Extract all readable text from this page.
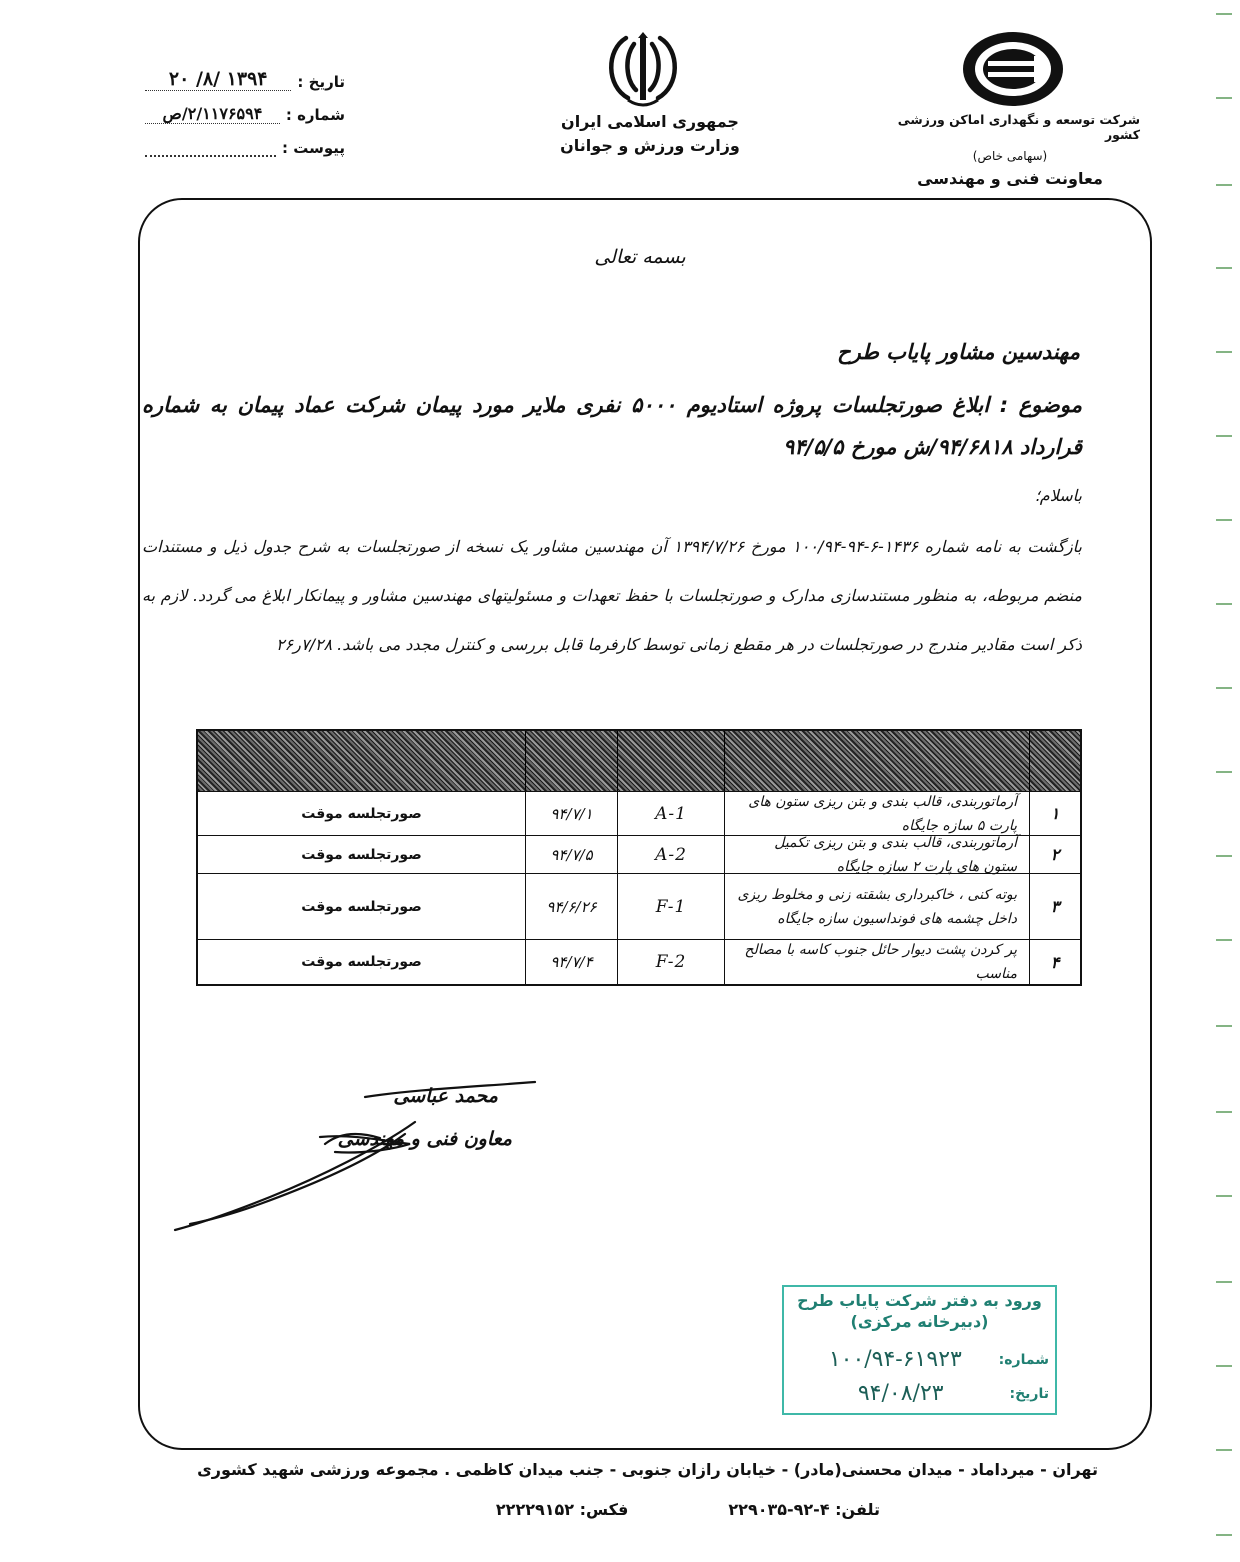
تاریخ :
۱۳۹۴ /۸/ ۲۰
شماره :
۲/۱۱۷۶۵۹۴/ص
پیوست :
جمهوری اسلامی ایران
وزارت ورزش و جوانان
شرکت توسعه و نگهداری اماکن ورزشی کشور
(سهامی خاص)
معاونت فنی و مهندسی
بسمه تعالی
مهندسین مشاور پایاب طرح
موضوع : ابلاغ صورتجلسات پروژه استادیوم ۵۰۰۰ نفری ملایر مورد پیمان شرکت عماد پیمان به شماره قرارداد ۹۴/۶۸۱۸/ش مورخ ۹۴/۵/۵
باسلام؛
بازگشت به نامه شماره ۱۴۳۶-۶-۹۴-۱۰۰/۹۴ مورخ ۱۳۹۴/۷/۲۶ آن مهندسین مشاور یک نسخه از صورتجلسات به شرح جدول ذیل و مستندات منضم مربوطه، به منظور مستندسازی مدارک و صورتجلسات با حفظ تعهدات و مسئولیتهای مهندسین مشاور و پیمانکار ابلاغ می گردد. لازم به ذکر است مقادیر مندرج در صورتجلسات در هر مقطع زمانی توسط کارفرما قابل بررسی و کنترل مجدد می باشد. ۷/۲۸ر۲۶

۱
آرماتوربندی، قالب بندی و بتن ریزی ستون های پارت ۵ سازه جایگاه
A-1
۹۴/۷/۱
صورتجلسه موقت
۲
آرماتوربندی، قالب بندی و بتن ریزی تکمیل ستون های پارت ۲ سازه جایگاه
A-2
۹۴/۷/۵
صورتجلسه موقت
۳
بوته کنی ، خاکبرداری بشقته زنی و مخلوط ریزی داخل چشمه های فونداسیون سازه جایگاه
F-1
۹۴/۶/۲۶
صورتجلسه موقت
۴
پر کردن پشت دیوار حائل جنوب کاسه با مصالح مناسب
F-2
۹۴/۷/۴
صورتجلسه موقت
محمد عباسی
معاون فنی و مهندسی
ورود به دفتر شرکت پایاب طرح
(دبیرخانه مرکزی)
شماره:
۱۰۰/۹۴-۶۱۹۲۳
تاریخ:
۹۴/۰۸/۲۳
تهران - میرداماد - میدان محسنی(مادر) - خیابان رازان جنوبی - جنب میدان کاظمی . مجموعه ورزشی شهید کشوری
تلفن: ۴-۹۲-۲۲۹۰۳۵
فکس: ۲۲۲۲۹۱۵۲
